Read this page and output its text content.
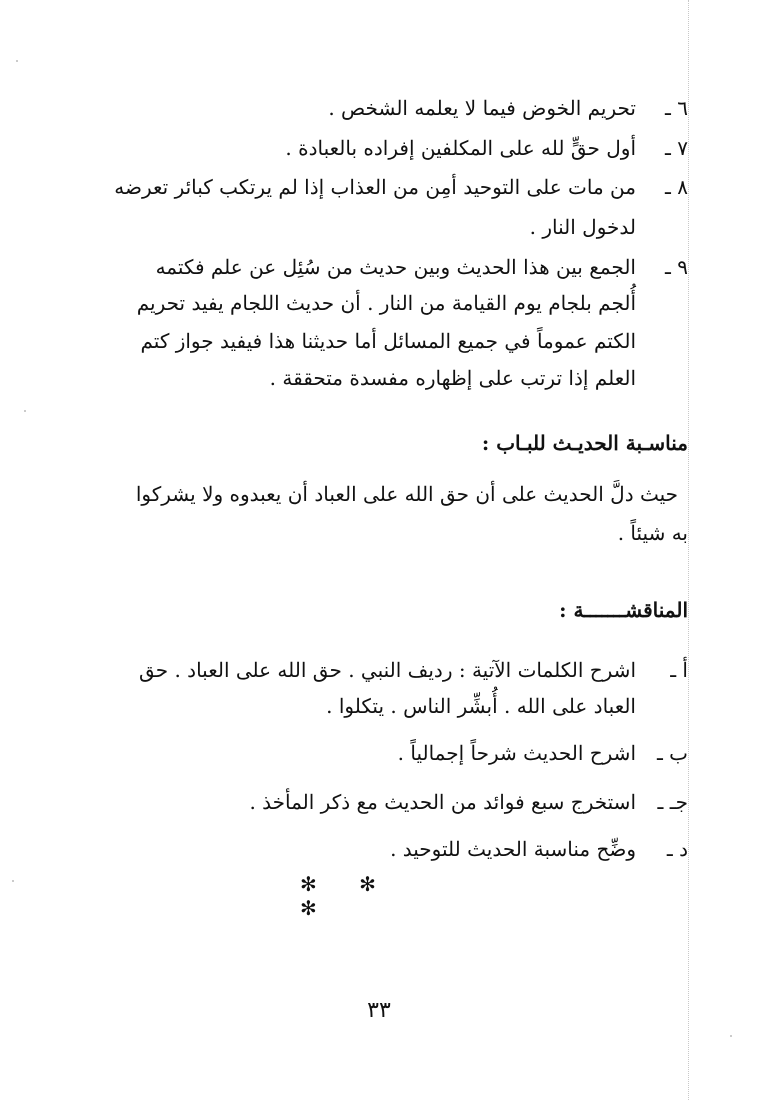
٦ ـتحريم الخوض فيما لا يعلمه الشخص .
٧ ـأول حقٍّ لله على المكلفين إفراده بالعبادة .
٨ ـمن مات على التوحيد أمِن من العذاب إذا لم يرتكب كبائر تعرضه
لدخول النار .
٩ ـالجمع بين هذا الحديث وبين حديث من سُئِل عن علم فكتمه
أُلجم بلجام يوم القيامة من النار . أن حديث اللجام يفيد تحريم
الكتم عموماً في جميع المسائل أما حديثنا هذا فيفيد جواز كتم
العلم إذا ترتب على إظهاره مفسدة متحققة .
مناسـبة الحديـث للبـاب :
حيث دلَّ الحديث على أن حق الله على العباد أن يعبدوه ولا يشركوا
به شيئاً .
المناقشـــــــة :
أ ـاشرح الكلمات الآتية : رديف النبي . حق الله على العباد . حق
العباد على الله . أُبشِّر الناس . يتكلوا .
ب ـاشرح الحديث شرحاً إجمالياً .
جـ ـاستخرج سبع فوائد من الحديث مع ذكر المأخذ .
د ـوضِّح مناسبة الحديث للتوحيد .
✻ ✻ ✻
٣٣
